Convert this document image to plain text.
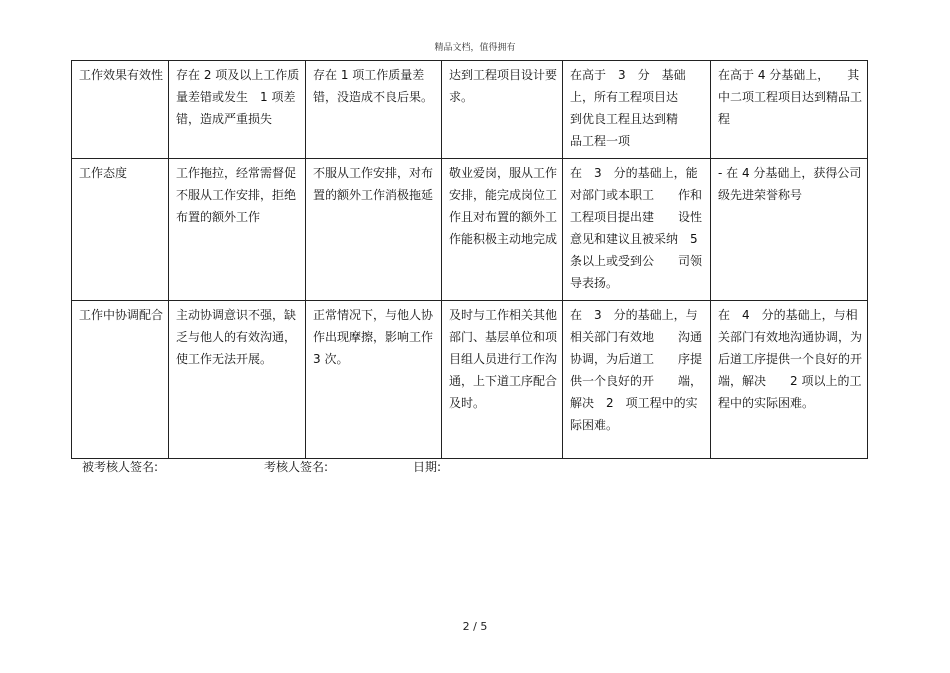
精品文档，值得拥有
工作效果有效性	存在 2 项及以上工作质量差错或发生　1 项差错，造成严重损失	存在 1 项工作质量差错，没造成不良后果。	达到工程项目设计要求。	在高于　3　分　基础上，所有工程项目达　　到优良工程且达到精　　品工程一项	在高于 4 分基础上，　　其中二项工程项目达到精品工程
工作态度	工作拖拉，经常需督促不服从工作安排，拒绝布置的额外工作	不服从工作安排，对布置的额外工作消极拖延	敬业爱岗，服从工作安排，能完成岗位工作且对布置的额外工作能积极主动地完成	在　3　分的基础上，能对部门或本职工　　作和工程项目提出建　　设性意见和建议且被采纳　5 条以上或受到公　　司领导表扬。	- 在 4 分基础上，获得公司级先进荣誉称号
工作中协调配合	主动协调意识不强，缺乏与他人的有效沟通，使工作无法开展。	正常情况下，与他人协作出现摩擦，影响工作 3 次。	及时与工作相关其他部门、基层单位和项目组人员进行工作沟通，上下道工序配合及时。	在　3　分的基础上，与相关部门有效地　　沟通协调，为后道工　　序提供一个良好的开　　端，解决　2　项工程中的实际困难。	在　4　分的基础上，与相关部门有效地沟通协调，为后道工序提供一个良好的开端，解决　　2 项以上的工程中的实际困难。
被考核人签名:	考核人签名:	日期:
2 / 5
